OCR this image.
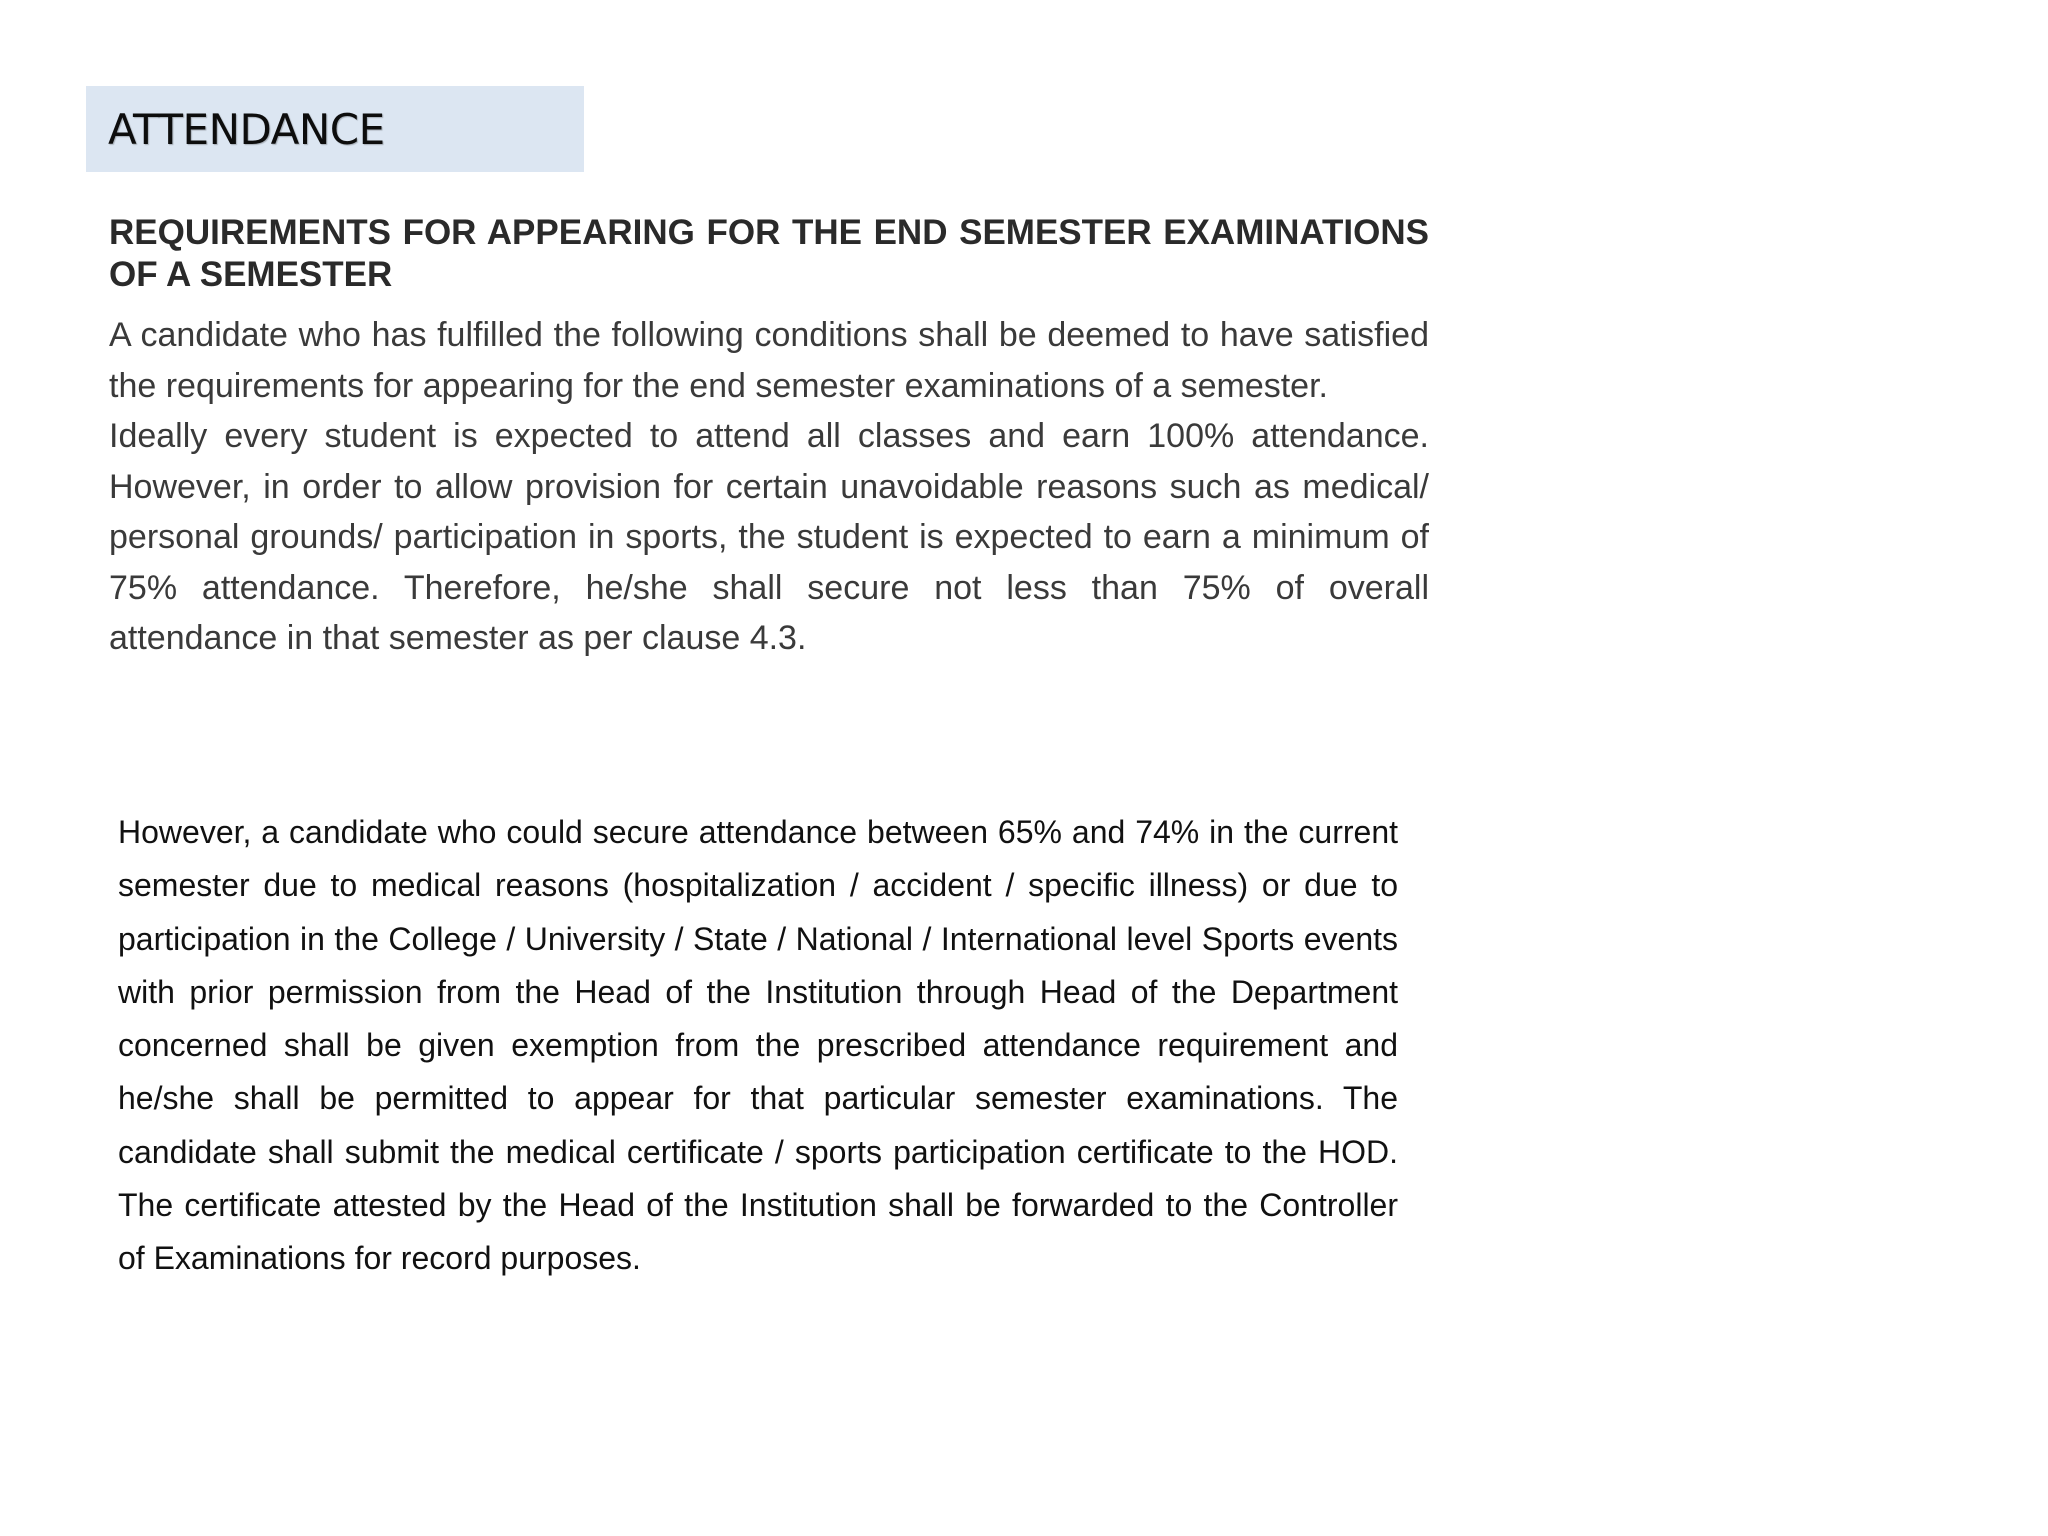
ATTENDANCE

REQUIREMENTS FOR APPEARING FOR THE END SEMESTER EXAMINATIONS OF A SEMESTER

A candidate who has fulfilled the following conditions shall be deemed to have satisfied the requirements for appearing for the end semester examinations of a semester.

Ideally every student is expected to attend all classes and earn 100% attendance. However, in order to allow provision for certain unavoidable reasons such as medical/ personal grounds/ participation in sports, the student is expected to earn a minimum of 75% attendance. Therefore, he/she shall secure not less than 75% of overall attendance in that semester as per clause 4.3.

However, a candidate who could secure attendance between 65% and 74% in the current semester due to medical reasons (hospitalization / accident / specific illness) or due to participation in the College / University / State / National / International level Sports events with prior permission from the Head of the Institution through Head of the Department concerned shall be given exemption from the prescribed attendance requirement and he/she shall be permitted to appear for that particular semester examinations. The candidate shall submit the medical certificate / sports participation certificate to the HOD. The certificate attested by the Head of the Institution shall be forwarded to the Controller of Examinations for record purposes.
